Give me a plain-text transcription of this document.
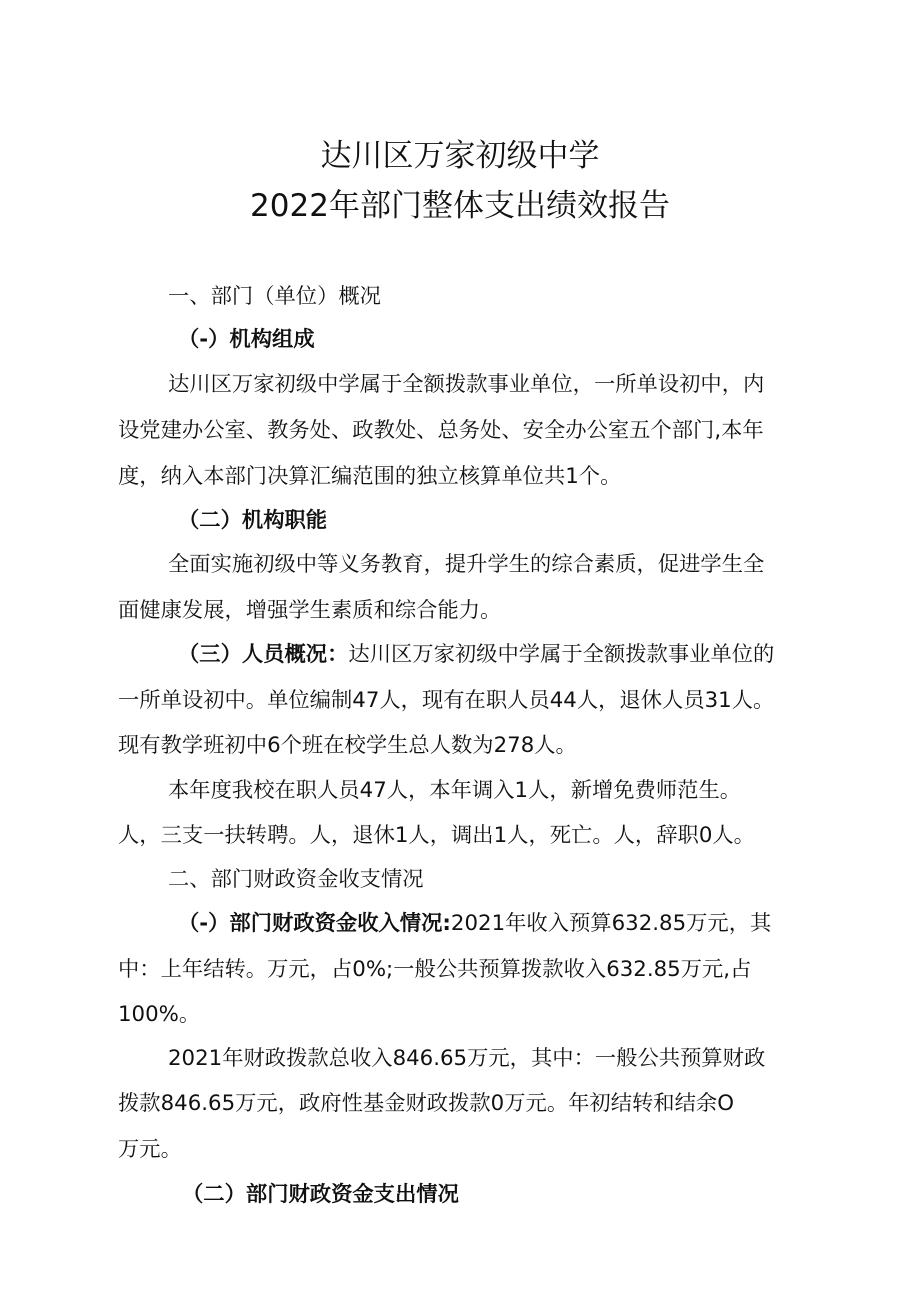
达川区万家初级中学
2022年部门整体支出绩效报告
一、部门（单位）概况
（-）机构组成
达川区万家初级中学属于全额拨款事业单位，一所单设初中，内
设党建办公室、教务处、政教处、总务处、安全办公室五个部门,本年
度，纳入本部门决算汇编范围的独立核算单位共1个。
（二）机构职能
全面实施初级中等义务教育，提升学生的综合素质，促进学生全
面健康发展，增强学生素质和综合能力。
（三）人员概况：达川区万家初级中学属于全额拨款事业单位的
一所单设初中。单位编制47人，现有在职人员44人，退休人员31人。
现有教学班初中6个班在校学生总人数为278人。
本年度我校在职人员47人，本年调入1人，新增免费师范生。
人，三支一扶转聘。人，退休1人，调出1人，死亡。人，辞职0人。
二、部门财政资金收支情况
（-）部门财政资金收入情况:2021年收入预算632.85万元，其
中：上年结转。万元，占0%;一般公共预算拨款收入632.85万元,占
100%。
2021年财政拨款总收入846.65万元，其中：一般公共预算财政
拨款846.65万元，政府性基金财政拨款0万元。年初结转和结余O
万元。
（二）部门财政资金支出情况
